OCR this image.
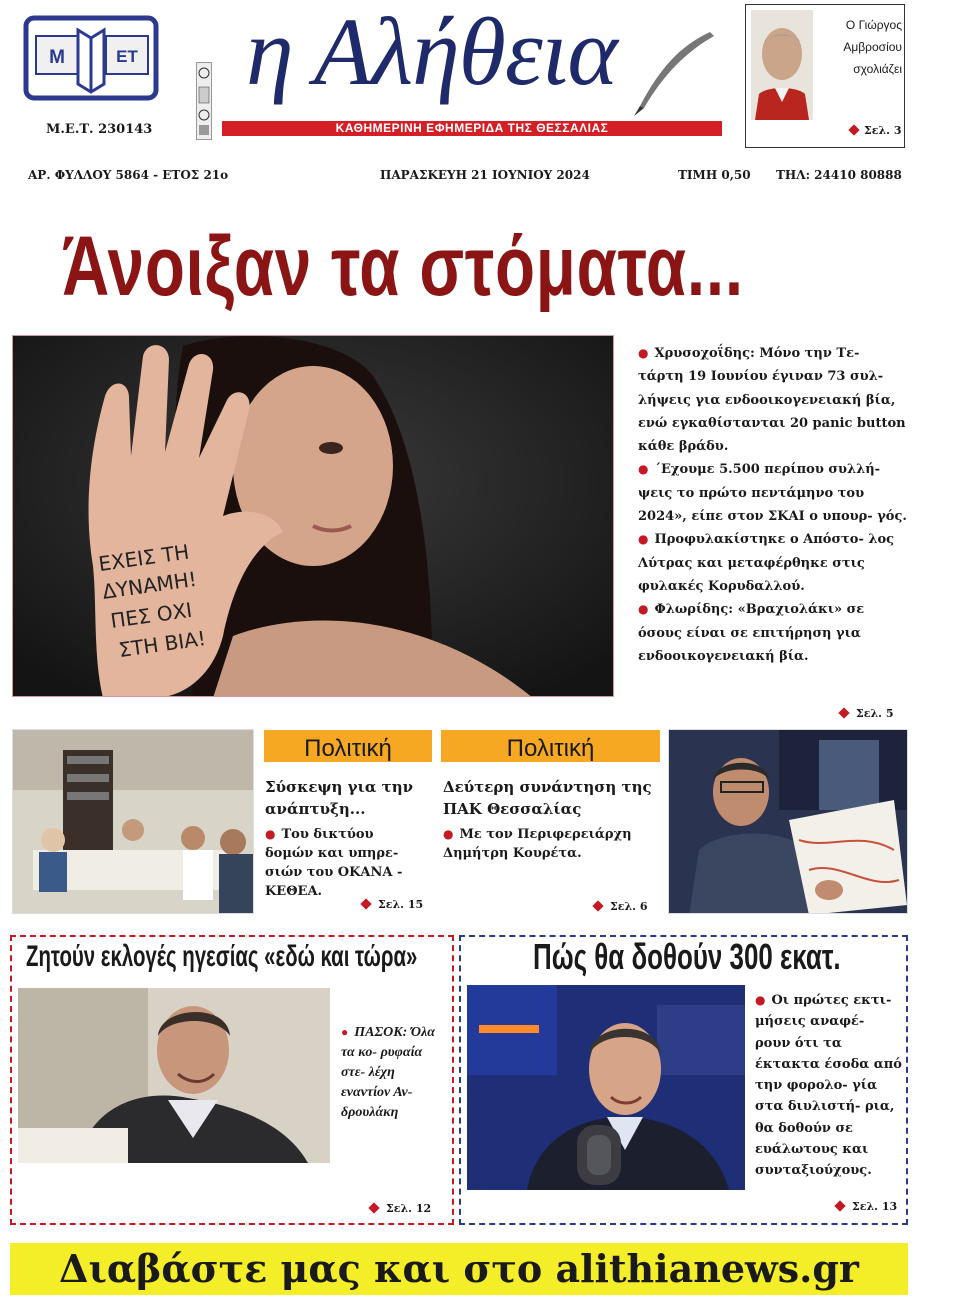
Μ	ΕΤ
Μ.Ε.Τ. 230143
η Αλήθεια
ΚΑΘΗΜΕΡΙΝΗ ΕΦΗΜΕΡΙΔΑ ΤΗΣ ΘΕΣΣΑΛΙΑΣ
Ο Γιώργος
Αμβροσίου
σχολιάζει
Σελ. 3
ΑΡ. ΦΥΛΛΟΥ 5864 - ΕΤΟΣ 21ο	ΠΑΡΑΣΚΕΥΗ 21 ΙΟΥΝΙΟΥ 2024	ΤΙΜΗ 0,50 ΤΗΛ: 24410 80888
Άνοιξαν τα στόματα...
ΕΧΕΙΣ ΤΗ
ΔΥΝΑΜΗ!
ΠΕΣ ΟΧΙ
ΣΤΗ ΒΙΑ!

● Χρυσοχοΐδης: Μόνο την Τε- τάρτη 19 Ιουνίου έγιναν 73 συλ- λήψεις για ενδοοικογενειακή βία, ενώ εγκαθίστανται 20 panic button κάθε βράδυ.

● ΄Εχουμε 5.500 περίπου συλλή- ψεις το πρώτο πεντάμηνο του 2024», είπε στον ΣΚΑΙ ο υπουρ- γός.

● Προφυλακίστηκε ο Απόστο- λος Λύτρας και μεταφέρθηκε στις φυλακές Κορυδαλλού.

● Φλωρίδης: «Βραχιολάκι» σε όσους είναι σε επιτήρηση για ενδοοικογενειακή βία.

Σελ. 5
Πολιτική
Σύσκεψη για την ανάπτυξη...
● Του δικτύου δομών και υπηρε- σιών του ΟΚΑΝΑ - ΚΕΘΕΑ.
Σελ. 15
Πολιτική
Δεύτερη συνάντηση της ΠΑΚ Θεσσαλίας
● Με τον Περιφερειάρχη Δημήτρη Κουρέτα.
Σελ. 6
Ζητούν εκλογές ηγεσίας «εδώ και τώρα»
● ΠΑΣΟΚ: Όλα τα κο- ρυφαία στε- λέχη εναντίον Αν- δρουλάκη
Σελ. 12
Πώς θα δοθούν 300 εκατ.
● Οι πρώτες εκτι- μήσεις αναφέ- ρουν ότι τα έκτακτα έσοδα από την φορολο- γία στα διυλιστή- ρια, θα δοθούν σε ευάλωτους και συνταξιούχους.
Σελ. 13
Διαβάστε μας και στο alithianews.gr
